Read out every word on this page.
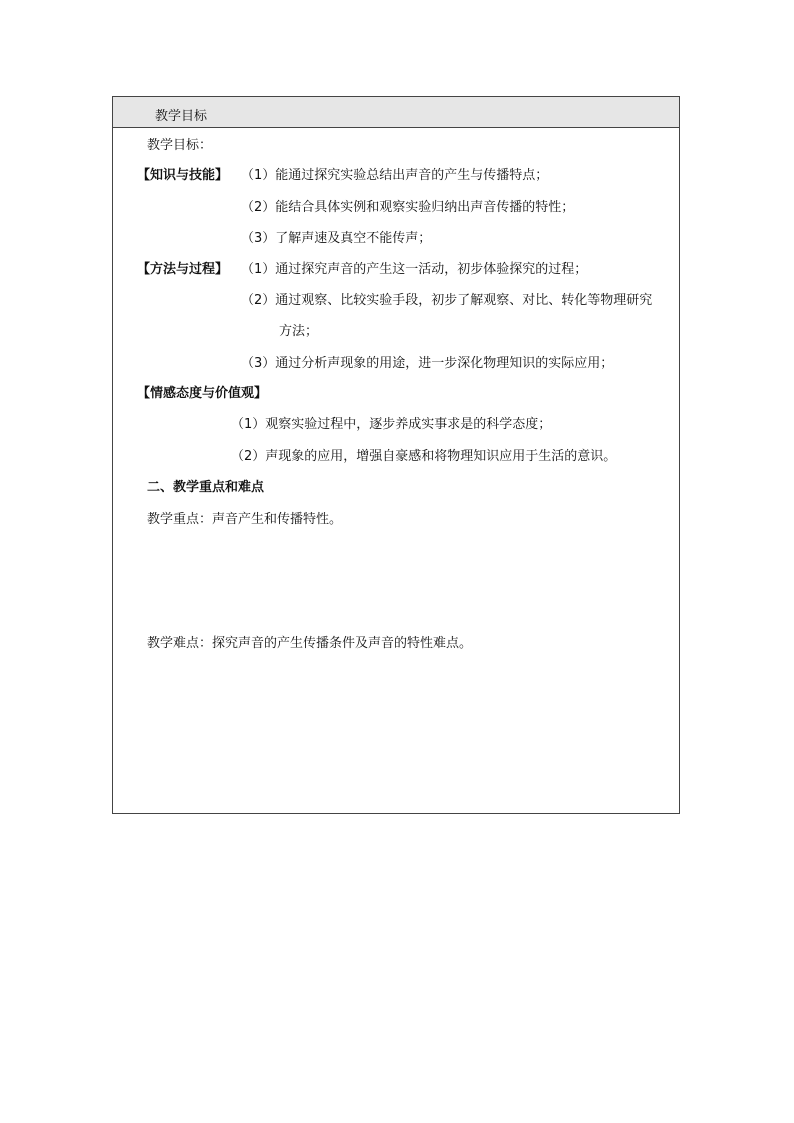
教学目标
教学目标：
【知识与技能】 （1）能通过探究实验总结出声音的产生与传播特点；
（2）能结合具体实例和观察实验归纳出声音传播的特性；
（3）了解声速及真空不能传声；
【方法与过程】 （1）通过探究声音的产生这一活动，初步体验探究的过程；
（2）通过观察、比较实验手段，初步了解观察、对比、转化等物理研究
方法；
（3）通过分析声现象的用途，进一步深化物理知识的实际应用；
【情感态度与价值观】
（1）观察实验过程中，逐步养成实事求是的科学态度；
（2）声现象的应用，增强自豪感和将物理知识应用于生活的意识。
二、教学重点和难点
教学重点：声音产生和传播特性。
教学难点：探究声音的产生传播条件及声音的特性难点。
